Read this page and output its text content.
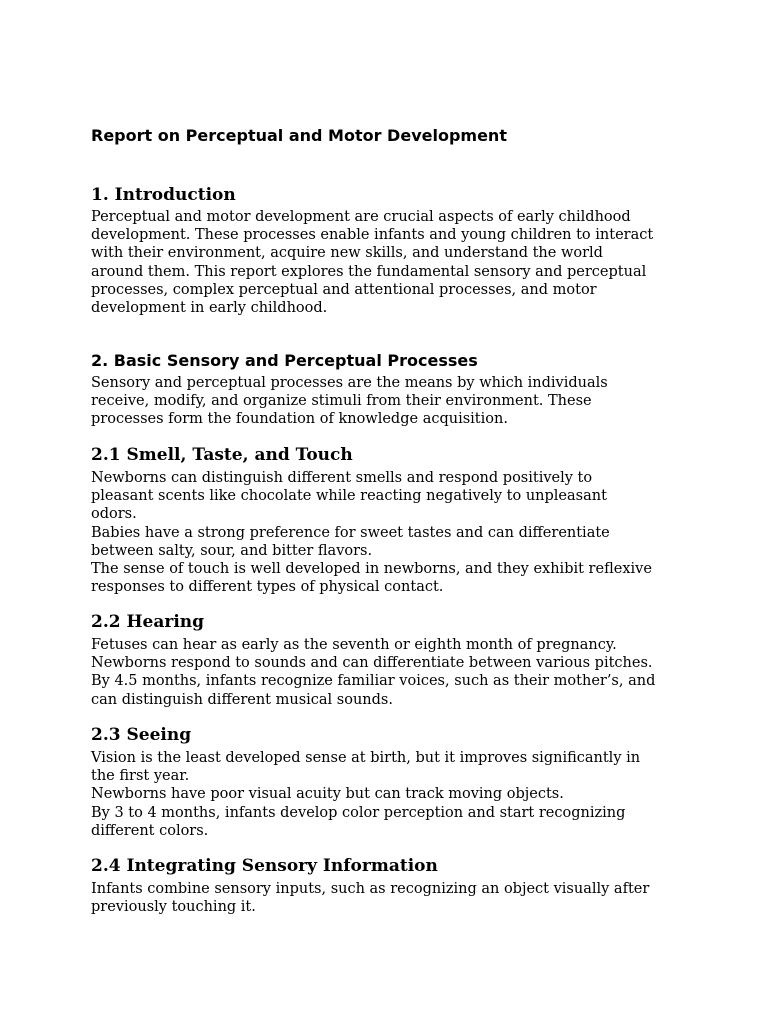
Report on Perceptual and Motor Development
1. Introduction

Perceptual and motor development are crucial aspects of early childhood
development. These processes enable infants and young children to interact
with their environment, acquire new skills, and understand the world
around them. This report explores the fundamental sensory and perceptual
processes, complex perceptual and attentional processes, and motor
development in early childhood.

2. Basic Sensory and Perceptual Processes

Sensory and perceptual processes are the means by which individuals
receive, modify, and organize stimuli from their environment. These
processes form the foundation of knowledge acquisition.

2.1 Smell, Taste, and Touch

Newborns can distinguish different smells and respond positively to
pleasant scents like chocolate while reacting negatively to unpleasant
odors.
Babies have a strong preference for sweet tastes and can differentiate
between salty, sour, and bitter flavors.
The sense of touch is well developed in newborns, and they exhibit reflexive
responses to different types of physical contact.

2.2 Hearing

Fetuses can hear as early as the seventh or eighth month of pregnancy.
Newborns respond to sounds and can differentiate between various pitches.
By 4.5 months, infants recognize familiar voices, such as their mother’s, and
can distinguish different musical sounds.

2.3 Seeing

Vision is the least developed sense at birth, but it improves significantly in
the first year.
Newborns have poor visual acuity but can track moving objects.
By 3 to 4 months, infants develop color perception and start recognizing
different colors.

2.4 Integrating Sensory Information

Infants combine sensory inputs, such as recognizing an object visually after
previously touching it.
